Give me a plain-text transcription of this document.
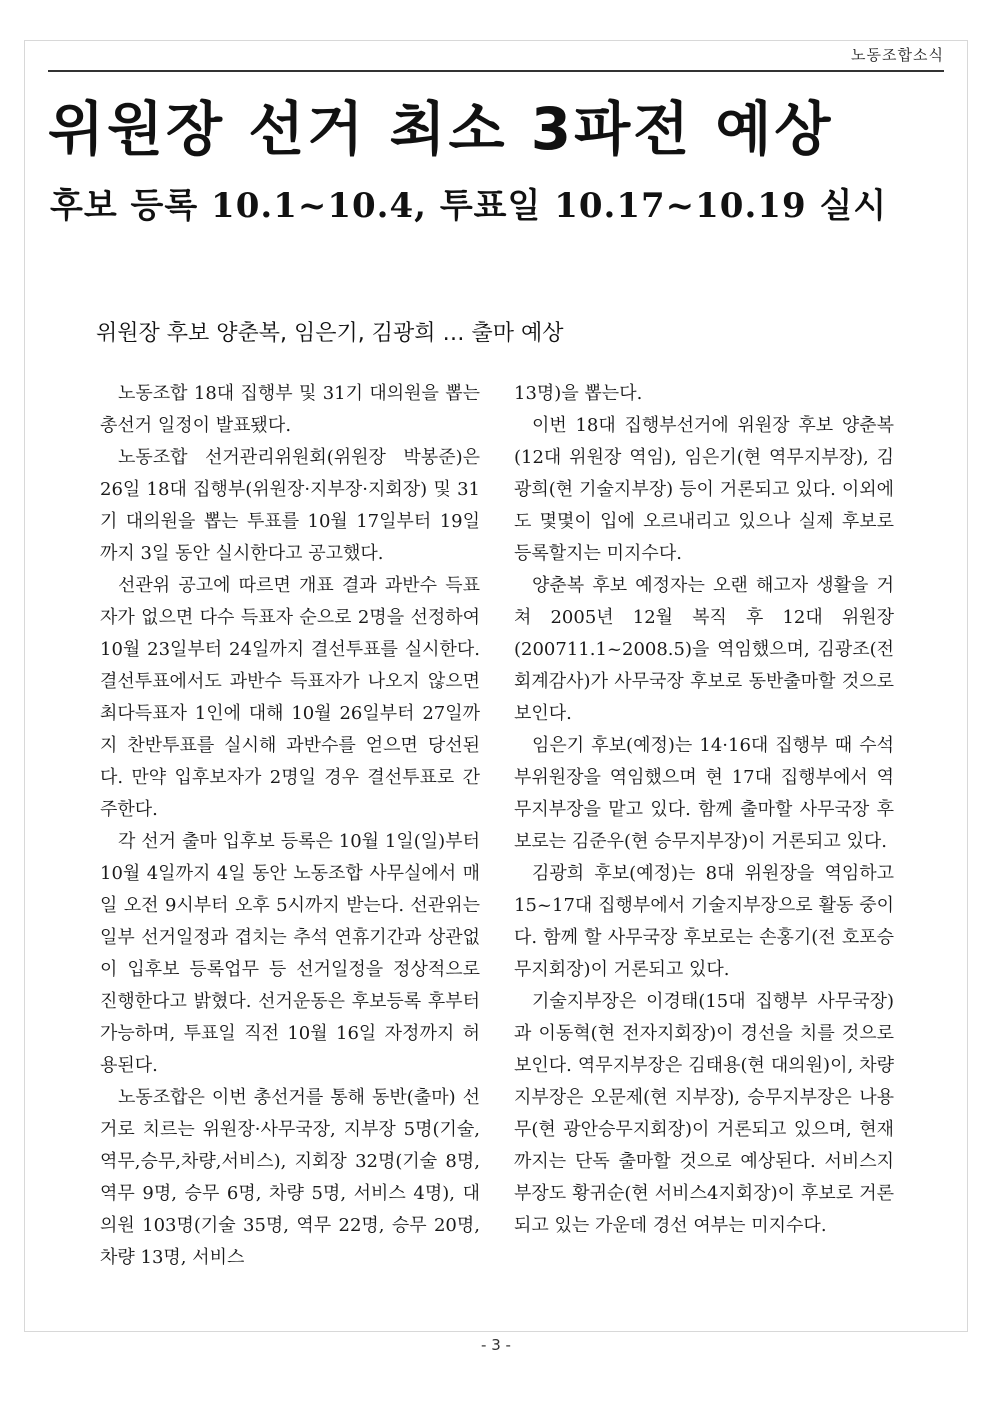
노동조합소식
위원장 선거 최소 3파전 예상
후보 등록 10.1~10.4, 투표일 10.17~10.19 실시
위원장 후보 양춘복, 임은기, 김광희 … 출마 예상

노동조합 18대 집행부 및 31기 대의원을 뽑는 총선거 일정이 발표됐다.

노동조합 선거관리위원회(위원장 박봉준)은 26일 18대 집행부(위원장·지부장·지회장) 및 31기 대의원을 뽑는 투표를 10월 17일부터 19일까지 3일 동안 실시한다고 공고했다.

선관위 공고에 따르면 개표 결과 과반수 득표자가 없으면 다수 득표자 순으로 2명을 선정하여 10월 23일부터 24일까지 결선투표를 실시한다. 결선투표에서도 과반수 득표자가 나오지 않으면 최다득표자 1인에 대해 10월 26일부터 27일까지 찬반투표를 실시해 과반수를 얻으면 당선된다. 만약 입후보자가 2명일 경우 결선투표로 간주한다.

각 선거 출마 입후보 등록은 10월 1일(일)부터 10월 4일까지 4일 동안 노동조합 사무실에서 매일 오전 9시부터 오후 5시까지 받는다. 선관위는 일부 선거일정과 겹치는 추석 연휴기간과 상관없이 입후보 등록업무 등 선거일정을 정상적으로 진행한다고 밝혔다. 선거운동은 후보등록 후부터 가능하며, 투표일 직전 10월 16일 자정까지 허용된다.

노동조합은 이번 총선거를 통해 동반(출마) 선거로 치르는 위원장·사무국장, 지부장 5명(기술,역무,승무,차량,서비스), 지회장 32명(기술 8명, 역무 9명, 승무 6명, 차량 5명, 서비스 4명), 대의원 103명(기술 35명, 역무 22명, 승무 20명, 차량 13명, 서비스

13명)을 뽑는다.

이번 18대 집행부선거에 위원장 후보 양춘복(12대 위원장 역임), 임은기(현 역무지부장), 김광희(현 기술지부장) 등이 거론되고 있다. 이외에도 몇몇이 입에 오르내리고 있으나 실제 후보로 등록할지는 미지수다.

양춘복 후보 예정자는 오랜 해고자 생활을 거쳐 2005년 12월 복직 후 12대 위원장(200711.1~2008.5)을 역임했으며, 김광조(전 회계감사)가 사무국장 후보로 동반출마할 것으로 보인다.

임은기 후보(예정)는 14·16대 집행부 때 수석부위원장을 역임했으며 현 17대 집행부에서 역무지부장을 맡고 있다. 함께 출마할 사무국장 후보로는 김준우(현 승무지부장)이 거론되고 있다.

김광희 후보(예정)는 8대 위원장을 역임하고 15~17대 집행부에서 기술지부장으로 활동 중이다. 함께 할 사무국장 후보로는 손홍기(전 호포승무지회장)이 거론되고 있다.

기술지부장은 이경태(15대 집행부 사무국장)과 이동혁(현 전자지회장)이 경선을 치를 것으로 보인다. 역무지부장은 김태용(현 대의원)이, 차량지부장은 오문제(현 지부장), 승무지부장은 나용무(현 광안승무지회장)이 거론되고 있으며, 현재까지는 단독 출마할 것으로 예상된다. 서비스지부장도 황귀순(현 서비스4지회장)이 후보로 거론되고 있는 가운데 경선 여부는 미지수다.

- 3 -
